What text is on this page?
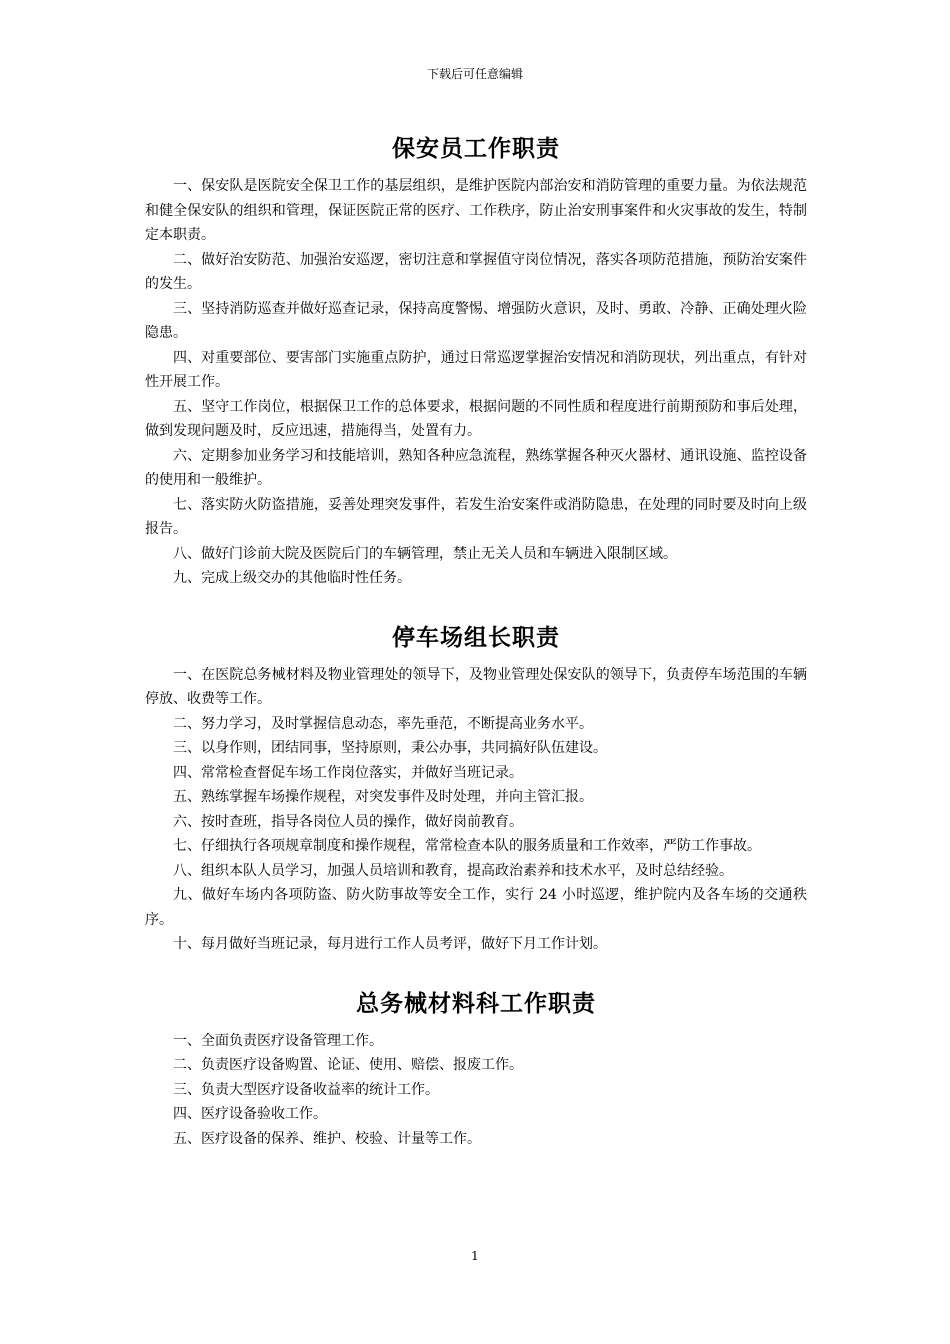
下载后可任意编辑
保安员工作职责

一、保安队是医院安全保卫工作的基层组织，是维护医院内部治安和消防管理的重要力量。为依法规范和健全保安队的组织和管理，保证医院正常的医疗、工作秩序，防止治安刑事案件和火灾事故的发生，特制定本职责。

二、做好治安防范、加强治安巡逻，密切注意和掌握值守岗位情况，落实各项防范措施，预防治安案件的发生。

三、坚持消防巡查并做好巡查记录，保持高度警惕、增强防火意识，及时、勇敢、冷静、正确处理火险隐患。

四、对重要部位、要害部门实施重点防护，通过日常巡逻掌握治安情况和消防现状，列出重点，有针对性开展工作。

五、坚守工作岗位，根据保卫工作的总体要求，根据问题的不同性质和程度进行前期预防和事后处理，做到发现问题及时，反应迅速，措施得当，处置有力。

六、定期参加业务学习和技能培训，熟知各种应急流程，熟练掌握各种灭火器材、通讯设施、监控设备的使用和一般维护。

七、落实防火防盗措施，妥善处理突发事件，若发生治安案件或消防隐患，在处理的同时要及时向上级报告。

八、做好门诊前大院及医院后门的车辆管理，禁止无关人员和车辆进入限制区域。

九、完成上级交办的其他临时性任务。

停车场组长职责

一、在医院总务械材料及物业管理处的领导下，及物业管理处保安队的领导下，负责停车场范围的车辆停放、收费等工作。

二、努力学习，及时掌握信息动态，率先垂范，不断提高业务水平。

三、以身作则，团结同事，坚持原则，秉公办事，共同搞好队伍建设。

四、常常检查督促车场工作岗位落实，并做好当班记录。

五、熟练掌握车场操作规程，对突发事件及时处理，并向主管汇报。

六、按时查班，指导各岗位人员的操作，做好岗前教育。

七、仔细执行各项规章制度和操作规程，常常检查本队的服务质量和工作效率，严防工作事故。

八、组织本队人员学习，加强人员培训和教育，提高政治素养和技术水平，及时总结经验。

九、做好车场内各项防盗、防火防事故等安全工作，实行 24 小时巡逻，维护院内及各车场的交通秩序。

十、每月做好当班记录，每月进行工作人员考评，做好下月工作计划。

总务械材料科工作职责

一、全面负责医疗设备管理工作。

二、负责医疗设备购置、论证、使用、赔偿、报废工作。

三、负责大型医疗设备收益率的统计工作。

四、医疗设备验收工作。

五、医疗设备的保养、维护、校验、计量等工作。

1
